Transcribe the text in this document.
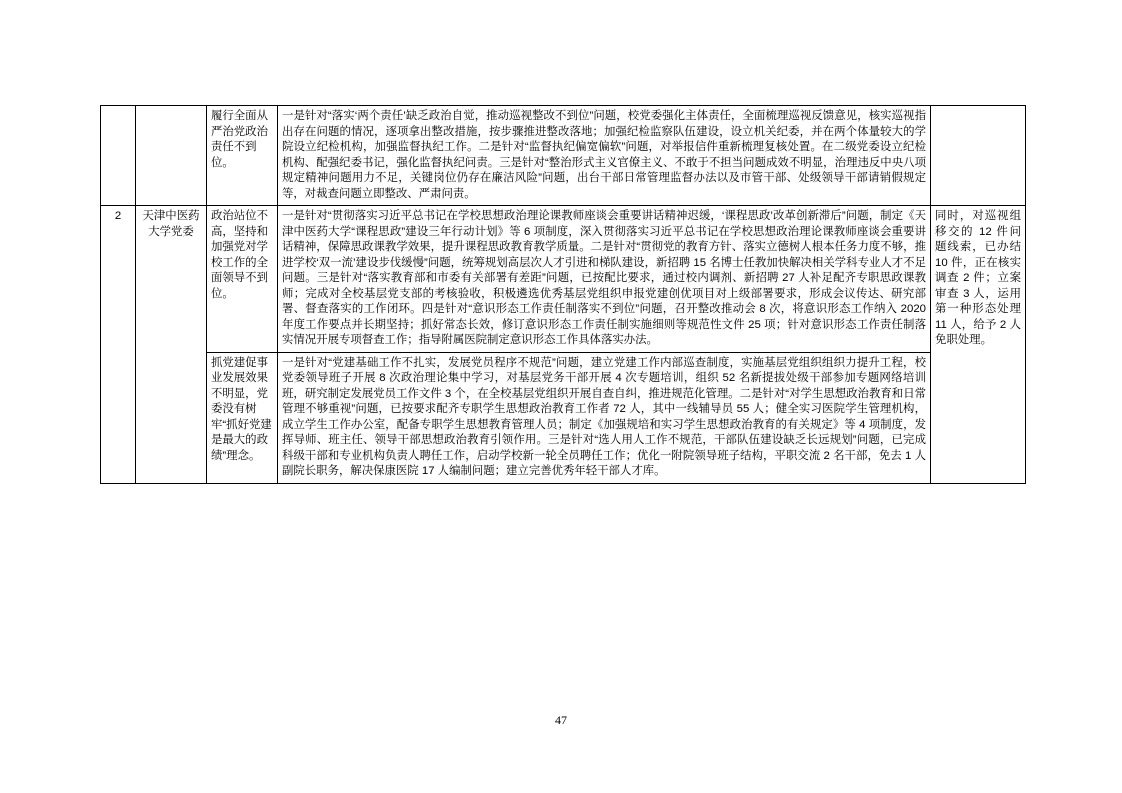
		履行全面从严治党政治责任不到位。	一是针对“落实‘两个责任’缺乏政治自觉，推动巡视整改不到位”问题，校党委强化主体责任，全面梳理巡视反馈意见，核实巡视指出存在问题的情况，逐项拿出整改措施，按步骤推进整改落地；加强纪检监察队伍建设，设立机关纪委，并在两个体量较大的学院设立纪检机构，加强监督执纪工作。二是针对“监督执纪偏宽偏软”问题，对举报信件重新梳理复核处置。在二级党委设立纪检机构、配强纪委书记，强化监督执纪问责。三是针对“整治形式主义官僚主义、不敢于不担当问题成效不明显，治理违反中央八项规定精神问题用力不足，关键岗位仍存在廉洁风险”问题，出台干部日常管理监督办法以及市管干部、处级领导干部请销假规定等，对裁查问题立即整改、严肃问责。	
2	天津中医药大学党委	政治站位不高，坚持和加强党对学校工作的全面领导不到位。	一是针对“贯彻落实习近平总书记在学校思想政治理论课教师座谈会重要讲话精神迟缓，‘课程思政’改革创新滞后”问题，制定《天津中医药大学“课程思政”建设三年行动计划》等 6 项制度，深入贯彻落实习近平总书记在学校思想政治理论课教师座谈会重要讲话精神，保障思政课教学效果，提升课程思政教育教学质量。二是针对“贯彻党的教育方针、落实立德树人根本任务力度不够，推进学校‘双一流’建设步伐缓慢”问题，统筹规划高层次人才引进和梯队建设，新招聘 15 名博士任教加快解决相关学科专业人才不足问题。三是针对“落实教育部和市委有关部署有差距”问题，已按配比要求，通过校内调剂、新招聘 27 人补足配齐专职思政课教师；完成对全校基层党支部的考核验收，积极遴选优秀基层党组织申报党建创优项目对上级部署要求，形成会议传达、研究部署、督查落实的工作闭环。四是针对“意识形态工作责任制落实不到位”问题，召开整改推动会 8 次，将意识形态工作纳入 2020 年度工作要点并长期坚持；抓好常态长效，修订意识形态工作责任制实施细则等规范性文件 25 项；针对意识形态工作责任制落实情况开展专项督查工作；指导附属医院制定意识形态工作具体落实办法。	同时，对巡视组移交的 12 件问题线索，已办结 10 件，正在核实调查 2 件；立案审查 3 人，运用第一种形态处理 11 人，给予 2 人免职处理。
		抓党建促事业发展效果不明显，党委没有树牢“抓好党建是最大的政绩”理念。	一是针对“党建基础工作不扎实，发展党员程序不规范”问题，建立党建工作内部巡查制度，实施基层党组织组织力提升工程，校党委领导班子开展 8 次政治理论集中学习，对基层党务干部开展 4 次专题培训，组织 52 名新提拔处级干部参加专题网络培训班，研究制定发展党员工作文件 3 个，在全校基层党组织开展自查自纠，推进规范化管理。二是针对“对学生思想政治教育和日常管理不够重视”问题，已按要求配齐专职学生思想政治教育工作者 72 人，其中一线辅导员 55 人；健全实习医院学生管理机构，成立学生工作办公室，配备专职学生思想教育管理人员；制定《加强规培和实习学生思想政治教育的有关规定》等 4 项制度，发挥导师、班主任、领导干部思想政治教育引领作用。三是针对“选人用人工作不规范，干部队伍建设缺乏长远规划”问题，已完成科级干部和专业机构负责人聘任工作，启动学校新一轮全员聘任工作；优化一附院领导班子结构，平职交流 2 名干部，免去 1 人副院长职务，解决保康医院 17 人编制问题；建立完善优秀年轻干部人才库。	
47
